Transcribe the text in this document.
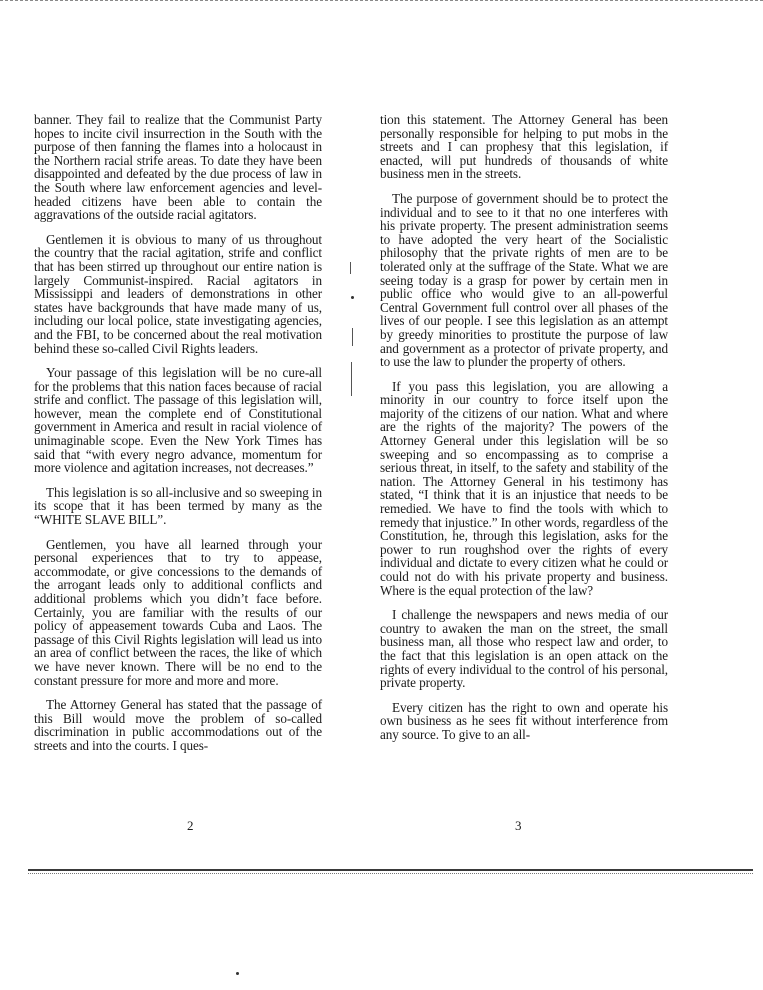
banner. They fail to realize that the Communist Party hopes to incite civil insurrection in the South with the purpose of then fanning the flames into a holocaust in the Northern racial strife areas. To date they have been disappointed and defeated by the due process of law in the South where law enforcement agencies and level-headed citizens have been able to contain the aggravations of the outside racial agitators.

Gentlemen it is obvious to many of us throughout the country that the racial agitation, strife and conflict that has been stirred up throughout our entire nation is largely Communist-inspired. Racial agitators in Mississippi and leaders of demonstrations in other states have backgrounds that have made many of us, including our local police, state investigating agencies, and the FBI, to be concerned about the real motivation behind these so-called Civil Rights leaders.

Your passage of this legislation will be no cure-all for the problems that this nation faces because of racial strife and conflict. The passage of this legislation will, however, mean the complete end of Constitutional government in America and result in racial violence of unimaginable scope. Even the New York Times has said that “with every negro advance, momentum for more violence and agitation increases, not decreases.”

This legislation is so all-inclusive and so sweeping in its scope that it has been termed by many as the “WHITE SLAVE BILL”.

Gentlemen, you have all learned through your personal experiences that to try to appease, accommodate, or give concessions to the demands of the arrogant leads only to additional conflicts and additional problems which you didn’t face before. Certainly, you are familiar with the results of our policy of appeasement towards Cuba and Laos. The passage of this Civil Rights legislation will lead us into an area of conflict between the races, the like of which we have never known. There will be no end to the constant pressure for more and more and more.

The Attorney General has stated that the passage of this Bill would move the problem of so-called discrimination in public accommodations out of the streets and into the courts. I ques-

tion this statement. The Attorney General has been personally responsible for helping to put mobs in the streets and I can prophesy that this legislation, if enacted, will put hundreds of thousands of white business men in the streets.

The purpose of government should be to protect the individual and to see to it that no one interferes with his private property. The present administration seems to have adopted the very heart of the Socialistic philosophy that the private rights of men are to be tolerated only at the suffrage of the State. What we are seeing today is a grasp for power by certain men in public office who would give to an all-powerful Central Government full control over all phases of the lives of our people. I see this legislation as an attempt by greedy minorities to prostitute the purpose of law and government as a protector of private property, and to use the law to plunder the property of others.

If you pass this legislation, you are allowing a minority in our country to force itself upon the majority of the citizens of our nation. What and where are the rights of the majority? The powers of the Attorney General under this legislation will be so sweeping and so encompassing as to comprise a serious threat, in itself, to the safety and stability of the nation. The Attorney General in his testimony has stated, “I think that it is an injustice that needs to be remedied. We have to find the tools with which to remedy that injustice.” In other words, regardless of the Constitution, he, through this legislation, asks for the power to run roughshod over the rights of every individual and dictate to every citizen what he could or could not do with his private property and business. Where is the equal protection of the law?

I challenge the newspapers and news media of our country to awaken the man on the street, the small business man, all those who respect law and order, to the fact that this legislation is an open attack on the rights of every individual to the control of his personal, private property.

Every citizen has the right to own and operate his own business as he sees fit without interference from any source. To give to an all-

2	3
